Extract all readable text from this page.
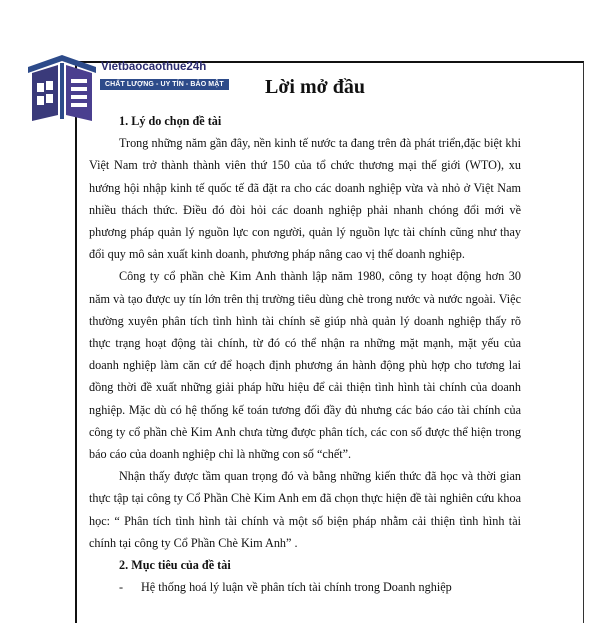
Vietbaocaothue24h
CHẤT LƯỢNG - UY TÍN - BẢO MẬT Lời mở đầu
1. Lý do chọn đề tài

Trong những năm gần đây, nền kinh tế nước ta đang trên đà phát triển,đặc biệt khi Việt Nam trở thành thành viên thứ 150 của tổ chức thương mại thế giới (WTO), xu hướng hội nhập kinh tế quốc tế đã đặt ra cho các doanh nghiệp vừa và nhỏ ở Việt Nam nhiều thách thức. Điều đó đòi hỏi các doanh nghiệp phải nhanh chóng đổi mới về phương pháp quản lý nguồn lực con người, quản lý nguồn lực tài chính cũng như thay đổi quy mô sản xuất kinh doanh, phương pháp nâng cao vị thế doanh nghiệp.

Công ty cổ phần chè Kim Anh thành lập năm 1980, công ty hoạt động hơn 30 năm và tạo được uy tín lớn trên thị trường tiêu dùng chè trong nước và nước ngoài. Việc thường xuyên phân tích tình hình tài chính sẽ giúp nhà quản lý doanh nghiệp thấy rõ thực trạng hoạt động tài chính, từ đó có thể nhận ra những mặt mạnh, mặt yếu của doanh nghiệp làm căn cứ để hoạch định phương án hành động phù hợp cho tương lai đồng thời đề xuất những giải pháp hữu hiệu để cải thiện tình hình tài chính của doanh nghiệp. Mặc dù có hệ thống kế toán tương đối đầy đủ nhưng các báo cáo tài chính của công ty cổ phần chè Kim Anh chưa từng được phân tích, các con số được thể hiện trong báo cáo của doanh nghiệp chỉ là những con số “chết”.

Nhận thấy được tầm quan trọng đó và bằng những kiến thức đã học và thời gian thực tập tại công ty Cổ Phần Chè Kim Anh em đã chọn thực hiện đề tài nghiên cứu khoa học: “ Phân tích tình hình tài chính và một số biện pháp nhằm cải thiện tình hình tài chính tại công ty Cổ Phần Chè Kim Anh” .

2. Mục tiêu của đề tài
-	Hệ thống hoá lý luận về phân tích tài chính trong Doanh nghiệp
